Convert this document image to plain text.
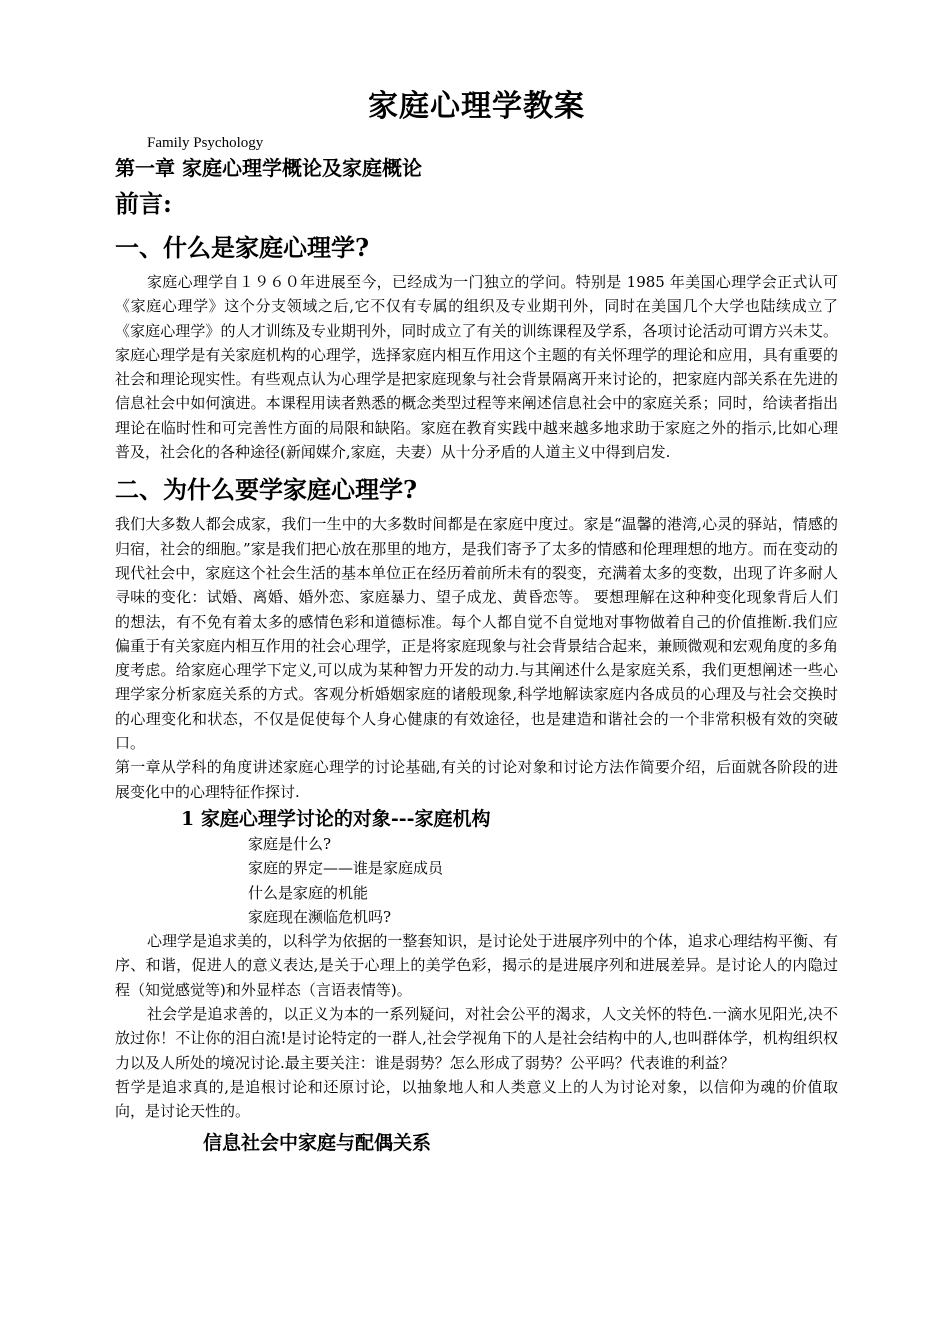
家庭心理学教案

Family Psychology

第一章 家庭心理学概论及家庭概论
前言:
一、什么是家庭心理学?

家庭心理学自１９６０年进展至今，已经成为一门独立的学问。特别是 1985 年美国心理学会正式认可《家庭心理学》这个分支领域之后,它不仅有专属的组织及专业期刊外，同时在美国几个大学也陆续成立了《家庭心理学》的人才训练及专业期刊外，同时成立了有关的训练课程及学系，各项讨论活动可谓方兴未艾。家庭心理学是有关家庭机构的心理学，选择家庭内相互作用这个主题的有关怀理学的理论和应用，具有重要的社会和理论现实性。有些观点认为心理学是把家庭现象与社会背景隔离开来讨论的，把家庭内部关系在先进的信息社会中如何演进。本课程用读者熟悉的概念类型过程等来阐述信息社会中的家庭关系；同时，给读者指出理论在临时性和可完善性方面的局限和缺陷。家庭在教育实践中越来越多地求助于家庭之外的指示,比如心理普及，社会化的各种途径(新闻媒介,家庭，夫妻）从十分矛盾的人道主义中得到启发.

二、为什么要学家庭心理学?

我们大多数人都会成家，我们一生中的大多数时间都是在家庭中度过。家是“温馨的港湾,心灵的驿站，情感的归宿，社会的细胞。”家是我们把心放在那里的地方，是我们寄予了太多的情感和伦理理想的地方。而在变动的现代社会中，家庭这个社会生活的基本单位正在经历着前所未有的裂变，充满着太多的变数，出现了许多耐人寻味的变化：试婚、离婚、婚外恋、家庭暴力、望子成龙、黄昏恋等。 要想理解在这种种变化现象背后人们的想法，有不免有着太多的感情色彩和道德标准。每个人都自觉不自觉地对事物做着自己的价值推断.我们应偏重于有关家庭内相互作用的社会心理学，正是将家庭现象与社会背景结合起来，兼顾微观和宏观角度的多角度考虑。给家庭心理学下定义,可以成为某种智力开发的动力.与其阐述什么是家庭关系，我们更想阐述一些心理学家分析家庭关系的方式。客观分析婚姻家庭的诸般现象,科学地解读家庭内各成员的心理及与社会交换时的心理变化和状态，不仅是促使每个人身心健康的有效途径，也是建造和谐社会的一个非常积极有效的突破口。

第一章从学科的角度讲述家庭心理学的讨论基础,有关的讨论对象和讨论方法作简要介绍，后面就各阶段的进展变化中的心理特征作探讨.

1 家庭心理学讨论的对象---家庭机构
家庭是什么?
家庭的界定——谁是家庭成员
什么是家庭的机能
家庭现在濒临危机吗?

心理学是追求美的，以科学为依据的一整套知识，是讨论处于进展序列中的个体，追求心理结构平衡、有序、和谐，促进人的意义表达,是关于心理上的美学色彩，揭示的是进展序列和进展差异。是讨论人的内隐过程（知觉感觉等)和外显样态（言语表情等)。

社会学是追求善的，以正义为本的一系列疑问，对社会公平的渴求，人文关怀的特色.一滴水见阳光,决不放过你！不让你的泪白流!是讨论特定的一群人,社会学视角下的人是社会结构中的人,也叫群体学，机构组织权力以及人所处的境况讨论.最主要关注：谁是弱势？怎么形成了弱势？公平吗？代表谁的利益？

哲学是追求真的,是追根讨论和还原讨论，以抽象地人和人类意义上的人为讨论对象，以信仰为魂的价值取向，是讨论天性的。

信息社会中家庭与配偶关系
